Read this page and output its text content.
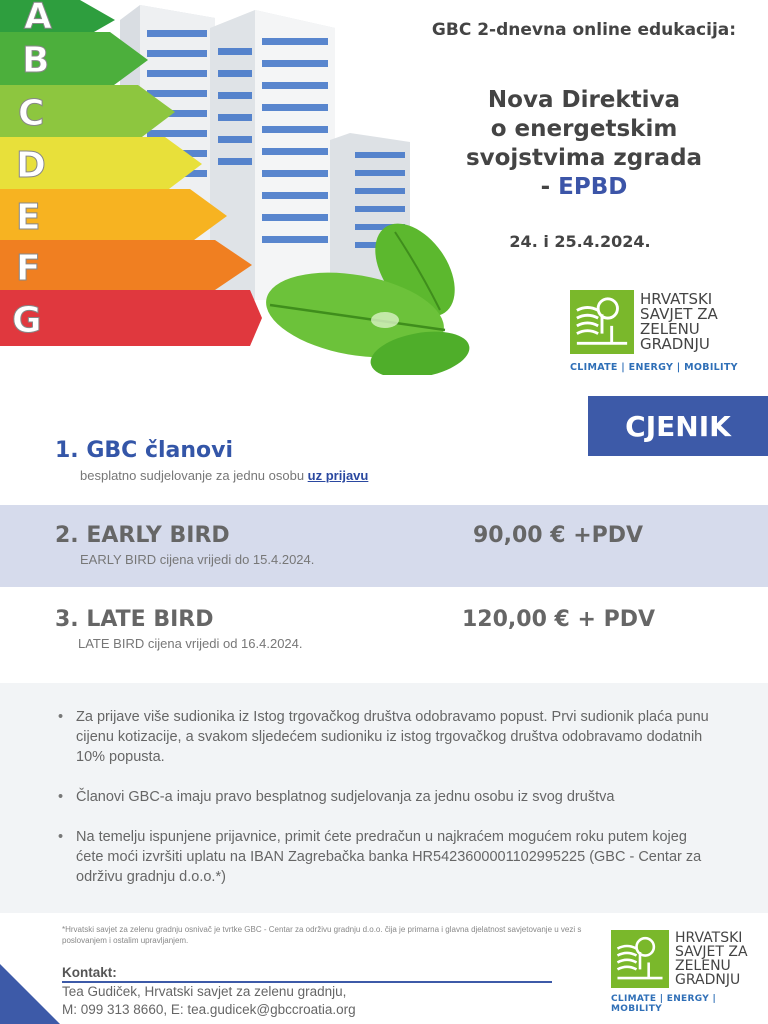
A
B
C
D
E
F
G
GBC 2-dnevna online edukacija:
Nova Direktiva
o energetskim
svojstvima zgrada
- EPBD
24. i 25.4.2024.
HRVATSKI
SAVJET ZA
ZELENU
GRADNJU
CLIMATE | ENERGY | MOBILITY
1. GBC članovi
besplatno sudjelovanje za jednu osobu uz prijavu
CJENIK
2. EARLY BIRD
EARLY BIRD cijena vrijedi do 15.4.2024.
90,00 € +PDV
3. LATE BIRD
LATE BIRD cijena vrijedi od 16.4.2024.
120,00 € + PDV
• Za prijave više sudionika iz Istog trgovačkog društva odobravamo popust. Prvi sudionik plaća punu cijenu kotizacije, a svakom sljedećem sudioniku iz istog trgovačkog društva odobravamo dodatnih 10% popusta.
• Članovi GBC-a imaju pravo besplatnog sudjelovanja za jednu osobu iz svog društva
• Na temelju ispunjene prijavnice, primit ćete predračun u najkraćem mogućem roku putem kojeg ćete moći izvršiti uplatu na IBAN Zagrebačka banka HR5423600001102995225 (GBC - Centar za održivu gradnju d.o.o.*)
*Hrvatski savjet za zelenu gradnju osnivač je tvrtke GBC - Centar za održivu gradnju d.o.o. čija je primarna i glavna djelatnost savjetovanje u vezi s poslovanjem i ostalim upravljanjem.
Kontakt:
Tea Gudiček, Hrvatski savjet za zelenu gradnju,
M: 099 313 8660, E: tea.gudicek@gbccroatia.org
HRVATSKI
SAVJET ZA
ZELENU
GRADNJU
CLIMATE | ENERGY | MOBILITY
